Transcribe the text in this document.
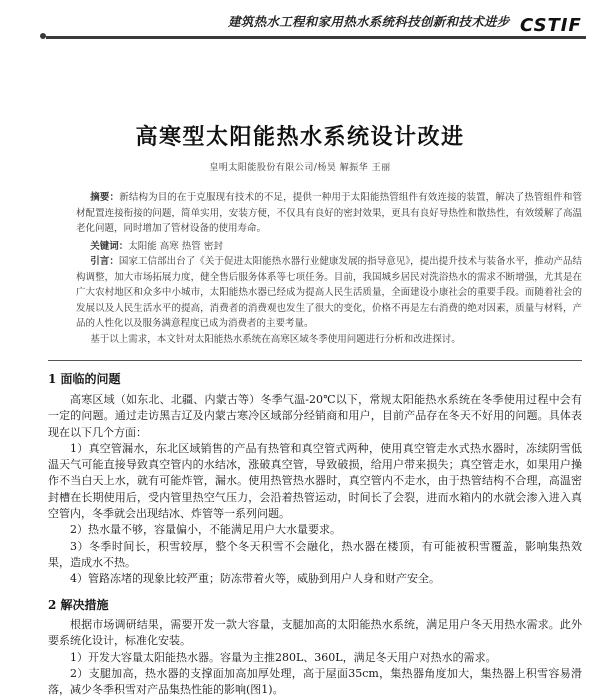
建筑热水工程和家用热水系统科技创新和技术进步 CSTIF
高寒型太阳能热水系统设计改进
皇明太阳能股份有限公司/杨昊 解振华 王丽

摘要：新结构为目的在于克服现有技术的不足，提供一种用于太阳能热管组件有效连接的装置，解决了热管组件和管材配置连接衔接的问题，简单实用，安装方便，不仅具有良好的密封效果，更具有良好导热性和散热性，有效缓解了高温老化问题，同时增加了管材设备的使用寿命。

关键词：太阳能 高寒 热管 密封

引言：国家工信部出台了《关于促进太阳能热水器行业健康发展的指导意见》，提出提升技术与装备水平，推动产品结构调整，加大市场拓展力度，健全售后服务体系等七项任务。目前，我国城乡居民对洗浴热水的需求不断增强，尤其是在广大农村地区和众多中小城市，太阳能热水器已经成为提高人民生活质量，全面建设小康社会的重要手段。而随着社会的发展以及人民生活水平的提高，消费者的消费观也发生了很大的变化，价格不再是左右消费的绝对因素，质量与材料，产品的人性化以及服务满意程度已成为消费者的主要考量。

基于以上需求，本文针对太阳能热水系统在高寒区域冬季使用问题进行分析和改进探讨。

1 面临的问题

高寒区域（如东北、北疆、内蒙古等）冬季气温-20℃以下，常规太阳能热水系统在冬季使用过程中会有一定的问题。通过走访黑吉辽及内蒙古寒冷区域部分经销商和用户，目前产品存在冬天不好用的问题。具体表现在以下几个方面：

1）真空管漏水，东北区域销售的产品有热管和真空管式两种，使用真空管走水式热水器时，冻续阴雪低温天气可能直接导致真空管内的水结冰，涨破真空管，导致破损，给用户带来损失；真空管走水，如果用户操作不当白天上水，就有可能炸管，漏水。使用热管热水器时，真空管内不走水，由于热管结构不合理，高温密封槽在长期使用后，受内管里热空气压力，会沿着热管运动，时间长了会裂，进而水箱内的水就会渗入进入真空管内，冬季就会出现结冰、炸管等一系列问题。

2）热水量不够，容量偏小，不能满足用户大水量要求。

3）冬季时间长，积雪较厚，整个冬天积雪不会融化，热水器在楼顶，有可能被积雪覆盖，影响集热效果，造成水不热。

4）管路冻堵的现象比较严重；防冻带着火等，威胁到用户人身和财产安全。

2 解决措施

根据市场调研结果，需要开发一款大容量，支腿加高的太阳能热水系统，满足用户冬天用热水需求。此外要系统化设计，标准化安装。

1）开发大容量太阳能热水器。容量为主推280L、360L，满足冬天用户对热水的需求。

2）支腿加高，热水器的支撑面加高加厚处理，高于屋面35cm，集热器角度加大，集热器上积雪容易滑落，减少冬季积雪对产品集热性能的影响(图1)。
